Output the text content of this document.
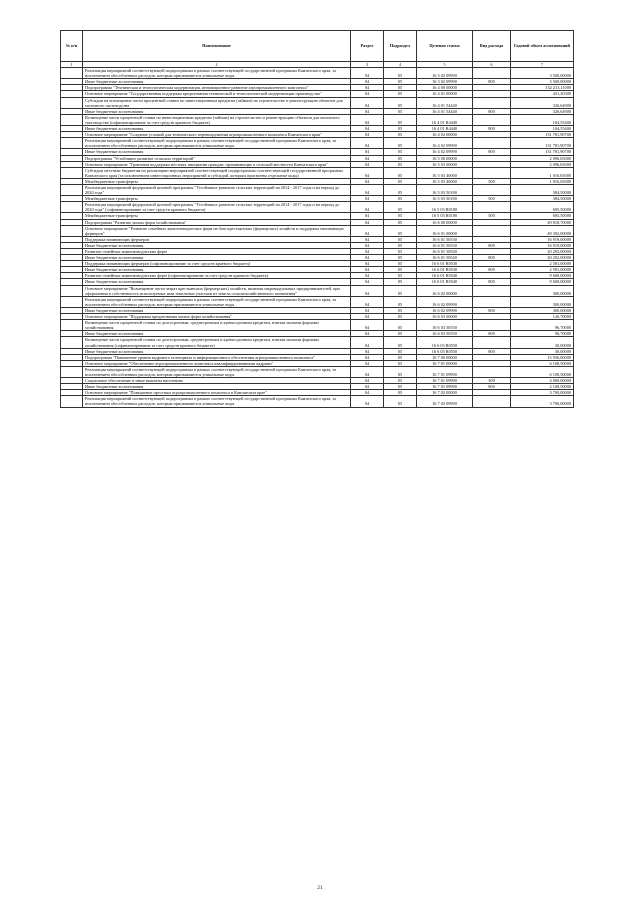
№ п/п	Наименование	Раздел	Подраздел	Целевая статья	Вид расхода	Годовой объем ассигнований
1	2	3	4	5	6	7
	Реализация мероприятий соответствующей подпрограммы в рамках соответствующей государственной программы Камчатского края, за исключением обособленных расходов, которым присваиваются уникальные коды	04	05	16 3 02 09990		3 500,00000
	Иные бюджетные ассигнования	04	05	16 3 02 09990	800	3 500,00000
	Подпрограмма "Техническая и технологическая модернизация, инновационное развитие агропромышленного комплекса"	04	05	16 4 00 00000		132 213,11000
	Основное мероприятие "Государственная поддержка кредитования технической и технологической модернизации производства"	04	05	16 4 01 00000		431,20300
	Субсидии на возмещение части процентной ставки по инвестиционным кредитам (займам) на строительство и реконструкцию объектов для молочного скотоводства	04	05	16 4 01 54440		326,64900
	Иные бюджетные ассигнования	04	05	16 4 01 54440	800	326,64900
	Возмещение части процентной ставки по инвестиционным кредитам (займам) на строительство и реконструкцию объектов для молочного скотоводства (софинансирование за счет средств краевого бюджета)	04	05	16 4 01 R4440		104,55400
	Иные бюджетные ассигнования	04	05	16 4 01 R4440	800	104,55400
	Основное мероприятие "Создание условий для технического перевооружения агропромышленного комплекса Камчатского края"	04	05	16 4 02 00000		131 781,90700
	Реализация мероприятий соответствующей подпрограммы в рамках соответствующей государственной программы Камчатского края, за исключением обособленных расходов, которым присваиваются уникальные коды	04	05	16 4 02 09990		131 781,90700
	Иные бюджетные ассигнования	04	05	16 4 02 09990	800	131 781,90700
	Подпрограмма "Устойчивое развитие сельских территорий"	04	05	16 5 00 00000		2 096,65000
	Основное мероприятие "Грантовая поддержка местных инициатив граждан, проживающих в сельской местности Камчатского края"	04	05	16 5 03 00000		2 096,65000
	Субсидии местным бюджетам на реализацию мероприятий соответствующей подпрограммы соответствующей государственной программы Камчатского края (за исключением инвестиционных мероприятий и субсидий, которым присвоены отдельные коды)	04	05	16 5 03 40060		1 016,65000
	Межбюджетные трансферты	04	05	16 5 03 40060	500	1 016,65000
	Реализация мероприятий федеральной целевой программы "Устойчивое развитие сельских территорий на 2014 - 2017 годы и на период до 2020 года"	04	05	16 5 03 50180		384,50000
	Межбюджетные трансферты	04	05	16 5 03 50180	500	384,50000
	Реализация мероприятий федеральной целевой программы "Устойчивое развитие сельских территорий на 2014 - 2017 годы и на период до 2020 года" (софинансирование за счет средств краевого бюджета)	04	05	16 5 03 R0180		695,50000
	Межбюджетные трансферты	04	05	16 5 03 R0180	500	695,50000
	Подпрограмма "Развитие малых форм хозяйствования"	04	05	16 6 00 00000		49 818,70000
	Основное мероприятие "Развитие семейных животноводческих ферм на базе крестьянских (фермерских) хозяйств и поддержка начинающих фермеров"	04	05	16 6 01 00000		49 392,00000
	Поддержка начинающих фермеров	04	05	16 6 01 50530		16 919,00000
	Иные бюджетные ассигнования	04	05	16 6 01 50530	800	16 919,00000
	Развитие семейных животноводческих ферм	04	05	16 6 01 50540		20 292,00000
	Иные бюджетные ассигнования	04	05	16 6 01 50540	800	20 292,00000
	Поддержка начинающих фермеров (софинансирование за счет средств краевого бюджета)	04	05	16 6 01 R0530		2 581,00000
	Иные бюджетные ассигнования	04	05	16 6 01 R0530	800	2 581,00000
	Развитие семейных животноводческих ферм (софинансирование за счет средств краевого бюджета)	04	05	16 6 01 R0540		9 600,00000
	Иные бюджетные ассигнования	04	05	16 6 01 R0540	800	9 600,00000
	Основное мероприятие "Возмещение части затрат крестьянских (фермерских) хозяйств, включая индивидуальных предпринимателей, при оформлении в собственность используемых ими земельных участков из земель сельскохозяйственного назначения"	04	05	16 6 02 00000		300,00000
	Реализация мероприятий соответствующей подпрограммы в рамках соответствующей государственной программы Камчатского края, за исключением обособленных расходов, которым присваиваются уникальные коды	04	05	16 6 02 09990		300,00000
	Иные бюджетные ассигнования	04	05	16 6 02 09990	800	300,00000
	Основное мероприятие "Поддержка кредитования малых форм хозяйствования"	04	05	16 6 03 00000		126,70000
	Возмещение части процентной ставки по долгосрочным, среднесрочным и краткосрочным кредитам, взятым малыми формами хозяйствования	04	05	16 6 03 50550		96,70000
	Иные бюджетные ассигнования	04	05	16 6 03 50550	800	96,70000
	Возмещение части процентной ставки по долгосрочным, среднесрочным и краткосрочным кредитам, взятым малыми формами хозяйствования (софинансирование за счет средств краевого бюджета)	04	05	16 6 03 R0550		30,00000
	Иные бюджетные ассигнования	04	05	16 6 03 R0550	800	30,00000
	Подпрограмма "Повышение уровня кадрового потенциала и информационного обеспечения агропромышленного комплекса"	04	05	16 7 00 00000		15 936,80000
	Основное мероприятие "Обеспечение агропромышленного комплекса квалифицированными кадрами"	04	05	16 7 01 00000		6 108,50000
	Реализация мероприятий соответствующей подпрограммы в рамках соответствующей государственной программы Камчатского края, за исключением обособленных расходов, которым присваиваются уникальные коды	04	05	16 7 01 09990		6 108,50000
	Социальное обеспечение и иные выплаты населению	04	05	16 7 01 09990	300	4 000,00000
	Иные бюджетные ассигнования	04	05	16 7 01 09990	800	2 108,50000
	Основное мероприятие "Повышение престижа агропромышленного комплекса в Камчатском крае"	04	05	16 7 02 00000		3 700,00000
	Реализация мероприятий соответствующей подпрограммы в рамках соответствующей государственной программы Камчатского края, за исключением обособленных расходов, которым присваиваются уникальные коды	04	05	16 7 02 09990		3 700,00000
21
